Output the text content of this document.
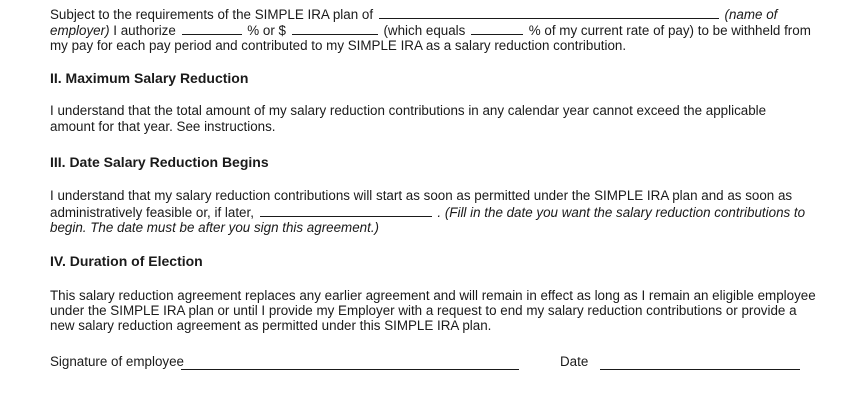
Subject to the requirements of the SIMPLE IRA plan of	(name of
employer) I authorize	% or $	(which equals	% of my current rate of pay) to be withheld from
my pay for each pay period and contributed to my SIMPLE IRA as a salary reduction contribution.
II. Maximum Salary Reduction
I understand that the total amount of my salary reduction contributions in any calendar year cannot exceed the applicable
amount for that year. See instructions.
III. Date Salary Reduction Begins
I understand that my salary reduction contributions will start as soon as permitted under the SIMPLE IRA plan and as soon as
administratively feasible or, if later,	. (Fill in the date you want the salary reduction contributions to
begin. The date must be after you sign this agreement.)
IV. Duration of Election
This salary reduction agreement replaces any earlier agreement and will remain in effect as long as I remain an eligible employee
under the SIMPLE IRA plan or until I provide my Employer with a request to end my salary reduction contributions or provide a
new salary reduction agreement as permitted under this SIMPLE IRA plan.
Signature of employee	Date
